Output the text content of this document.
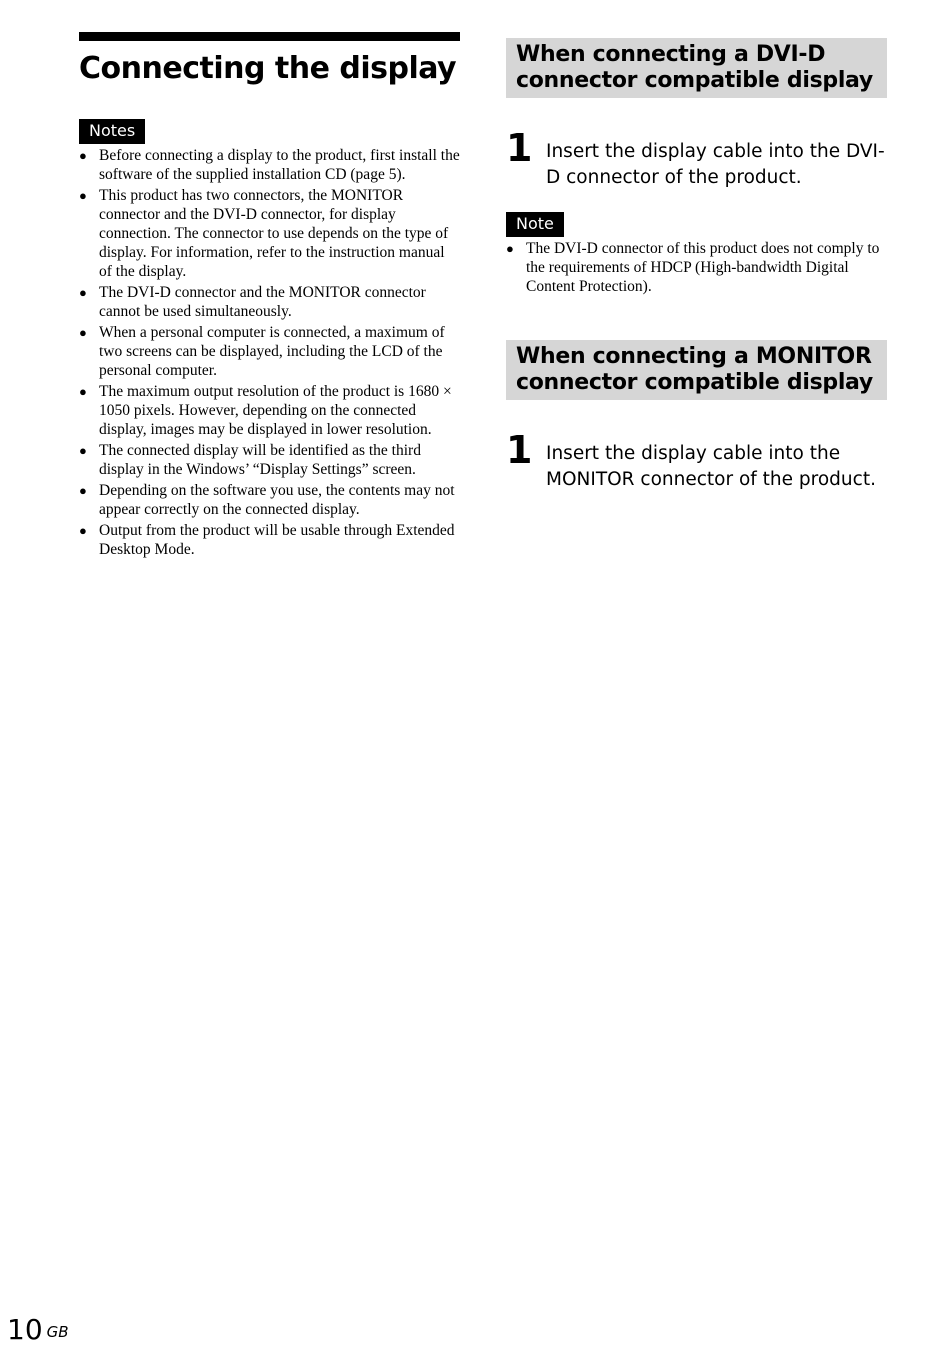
Connecting the display
Notes
● Before connecting a display to the product, first install the software of the supplied installation CD (page 5).
● This product has two connectors, the MONITOR connector and the DVI-D connector, for display connection. The connector to use depends on the type of display. For information, refer to the instruction manual of the display.
● The DVI-D connector and the MONITOR connector cannot be used simultaneously.
● When a personal computer is connected, a maximum of two screens can be displayed, including the LCD of the personal computer.
● The maximum output resolution of the product is 1680 × 1050 pixels. However, depending on the connected display, images may be displayed in lower resolution.
● The connected display will be identified as the third display in the Windows’ “Display Settings” screen.
● Depending on the software you use, the contents may not appear correctly on the connected display.
● Output from the product will be usable through Extended Desktop Mode.
When connecting a DVI-D connector compatible display
1 Insert the display cable into the DVI-D connector of the product.
Note
● The DVI-D connector of this product does not comply to the requirements of HDCP (High-bandwidth Digital Content Protection).
When connecting a MONITOR connector compatible display
1 Insert the display cable into the MONITOR connector of the product.
10 $^{GB}$
